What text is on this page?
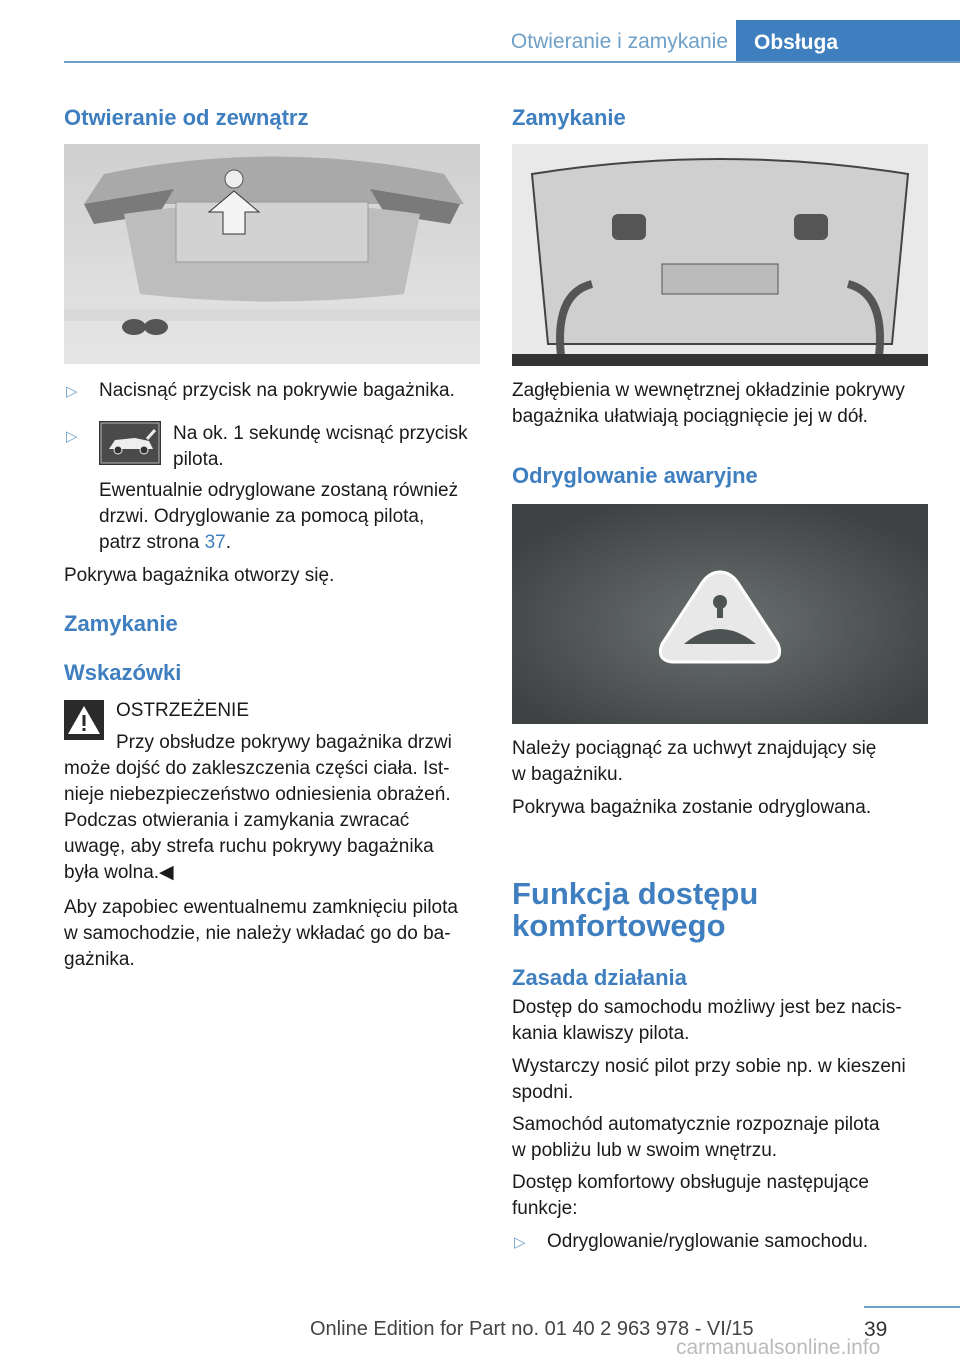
Otwieranie i zamykanie	Obsługa
Otwieranie od zewnątrz
▷ Nacisnąć przycisk na pokrywie bagażnika.
▷	Na ok. 1 sekundę wcisnąć przycisk
pilota.
Ewentualnie odryglowane zostaną również
drzwi. Odryglowanie za pomocą pilota,
patrz strona 37.
Pokrywa bagażnika otworzy się.
Zamykanie
Wskazówki
OSTRZEŻENIE
Przy obsłudze pokrywy bagażnika drzwi
może dojść do zakleszczenia części ciała. Ist‐
nieje niebezpieczeństwo odniesienia obrażeń.
Podczas otwierania i zamykania zwracać
uwagę, aby strefa ruchu pokrywy bagażnika
była wolna.◀
Aby zapobiec ewentualnemu zamknięciu pilota
w samochodzie, nie należy wkładać go do ba‐
gażnika.
Zamykanie
Zagłębienia w wewnętrznej okładzinie pokrywy
bagażnika ułatwiają pociągnięcie jej w dół.
Odryglowanie awaryjne
Należy pociągnąć za uchwyt znajdujący się
w bagażniku.
Pokrywa bagażnika zostanie odryglowana.
Funkcja dostępu
komfortowego
Zasada działania
Dostęp do samochodu możliwy jest bez nacis‐
kania klawiszy pilota.
Wystarczy nosić pilot przy sobie np. w kieszeni
spodni.
Samochód automatycznie rozpoznaje pilota
w pobliżu lub w swoim wnętrzu.
Dostęp komfortowy obsługuje następujące
funkcje:
▷ Odryglowanie/ryglowanie samochodu.
39
Online Edition for Part no. 01 40 2 963 978 - VI/15
carmanualsonline.info
